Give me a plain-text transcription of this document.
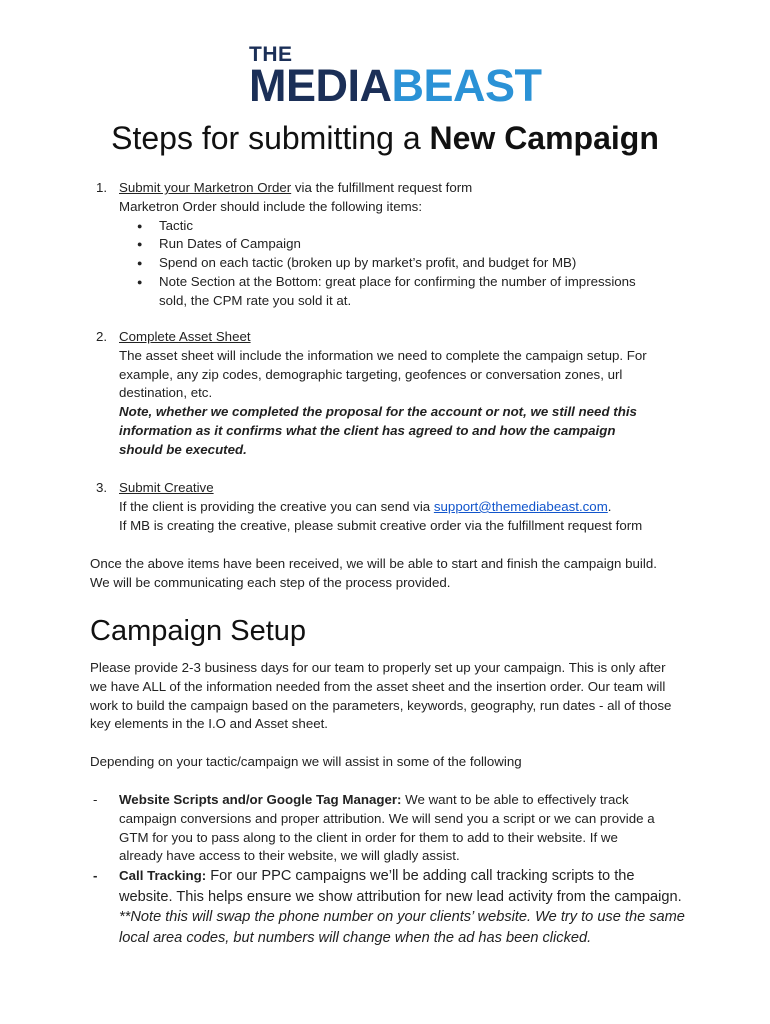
THE
MEDIABEAST
Steps for submitting a New Campaign
1. Submit your Marketron Order via the fulfillment request form
Marketron Order should include the following items:
● Tactic
● Run Dates of Campaign
● Spend on each tactic (broken up by market’s profit, and budget for MB)
● Note Section at the Bottom: great place for confirming the number of impressions sold, the CPM rate you sold it at.
2. Complete Asset Sheet
The asset sheet will include the information we need to complete the campaign setup. For example, any zip codes, demographic targeting, geofences or conversation zones, url destination, etc.
Note, whether we completed the proposal for the account or not, we still need this information as it confirms what the client has agreed to and how the campaign should be executed.
3. Submit Creative
If the client is providing the creative you can send via support@themediabeast.com.
If MB is creating the creative, please submit creative order via the fulfillment request form
Once the above items have been received, we will be able to start and finish the campaign build. We will be communicating each step of the process provided.
Campaign Setup
Please provide 2-3 business days for our team to properly set up your campaign. This is only after we have ALL of the information needed from the asset sheet and the insertion order. Our team will work to build the campaign based on the parameters, keywords, geography, run dates - all of those key elements in the I.O and Asset sheet.
Depending on your tactic/campaign we will assist in some of the following
- Website Scripts and/or Google Tag Manager: We want to be able to effectively track campaign conversions and proper attribution. We will send you a script or we can provide a GTM for you to pass along to the client in order for them to add to their website. If we already have access to their website, we will gladly assist.
- Call Tracking: For our PPC campaigns we’ll be adding call tracking scripts to the website. This helps ensure we show attribution for new lead activity from the campaign. **Note this will swap the phone number on your clients’ website. We try to use the same local area codes, but numbers will change when the ad has been clicked.
